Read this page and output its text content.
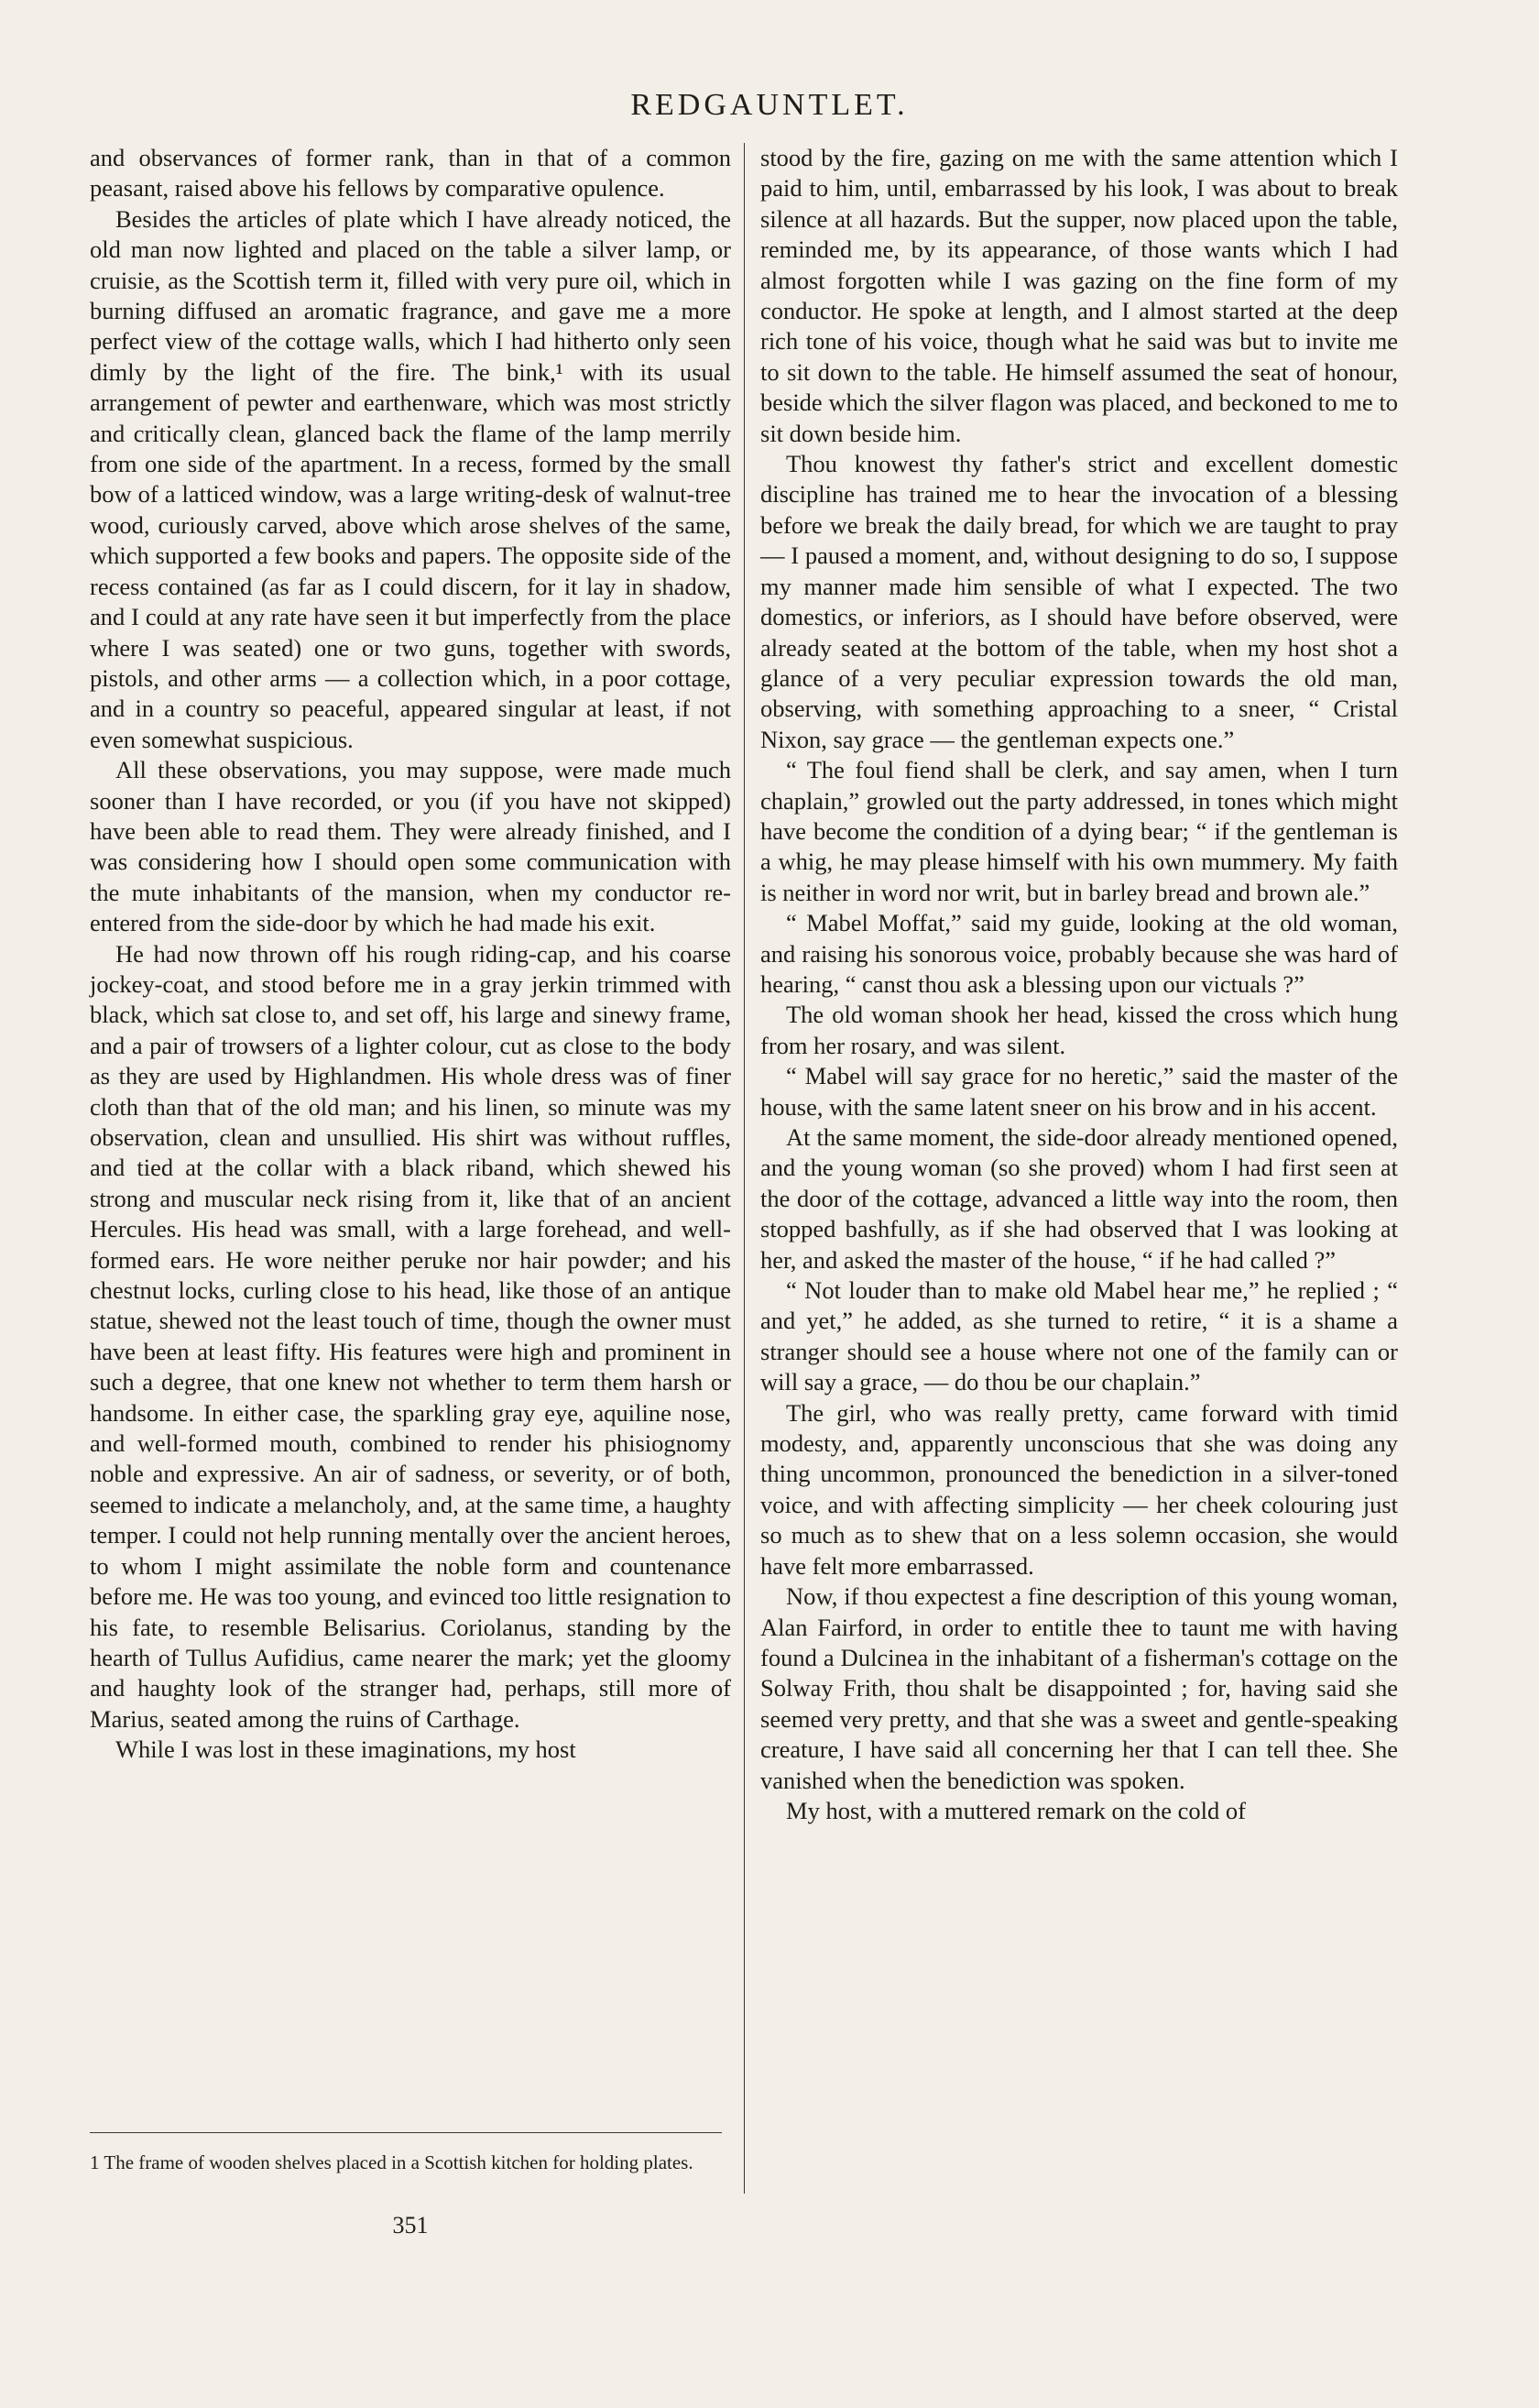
REDGAUNTLET.

and observances of former rank, than in that of a common peasant, raised above his fellows by comparative opulence.

Besides the articles of plate which I have already noticed, the old man now lighted and placed on the table a silver lamp, or cruisie, as the Scottish term it, filled with very pure oil, which in burning diffused an aromatic fragrance, and gave me a more perfect view of the cottage walls, which I had hitherto only seen dimly by the light of the fire. The bink,¹ with its usual arrangement of pewter and earthenware, which was most strictly and critically clean, glanced back the flame of the lamp merrily from one side of the apartment. In a recess, formed by the small bow of a latticed window, was a large writing-desk of walnut-tree wood, curiously carved, above which arose shelves of the same, which supported a few books and papers. The opposite side of the recess contained (as far as I could discern, for it lay in shadow, and I could at any rate have seen it but imperfectly from the place where I was seated) one or two guns, together with swords, pistols, and other arms — a collection which, in a poor cottage, and in a country so peaceful, appeared singular at least, if not even somewhat suspicious.

All these observations, you may suppose, were made much sooner than I have recorded, or you (if you have not skipped) have been able to read them. They were already finished, and I was considering how I should open some communication with the mute inhabitants of the mansion, when my conductor re-entered from the side-door by which he had made his exit.

He had now thrown off his rough riding-cap, and his coarse jockey-coat, and stood before me in a gray jerkin trimmed with black, which sat close to, and set off, his large and sinewy frame, and a pair of trowsers of a lighter colour, cut as close to the body as they are used by Highlandmen. His whole dress was of finer cloth than that of the old man; and his linen, so minute was my observation, clean and unsullied. His shirt was without ruffles, and tied at the collar with a black riband, which shewed his strong and muscular neck rising from it, like that of an ancient Hercules. His head was small, with a large forehead, and well-formed ears. He wore neither peruke nor hair powder; and his chestnut locks, curling close to his head, like those of an antique statue, shewed not the least touch of time, though the owner must have been at least fifty. His features were high and prominent in such a degree, that one knew not whether to term them harsh or handsome. In either case, the sparkling gray eye, aquiline nose, and well-formed mouth, combined to render his phisiognomy noble and expressive. An air of sadness, or severity, or of both, seemed to indicate a melancholy, and, at the same time, a haughty temper. I could not help running mentally over the ancient heroes, to whom I might assimilate the noble form and countenance before me. He was too young, and evinced too little resignation to his fate, to resemble Belisarius. Coriolanus, standing by the hearth of Tullus Aufidius, came nearer the mark; yet the gloomy and haughty look of the stranger had, perhaps, still more of Marius, seated among the ruins of Carthage.

While I was lost in these imaginations, my host

stood by the fire, gazing on me with the same attention which I paid to him, until, embarrassed by his look, I was about to break silence at all hazards. But the supper, now placed upon the table, reminded me, by its appearance, of those wants which I had almost forgotten while I was gazing on the fine form of my conductor. He spoke at length, and I almost started at the deep rich tone of his voice, though what he said was but to invite me to sit down to the table. He himself assumed the seat of honour, beside which the silver flagon was placed, and beckoned to me to sit down beside him.

Thou knowest thy father's strict and excellent domestic discipline has trained me to hear the invocation of a blessing before we break the daily bread, for which we are taught to pray — I paused a moment, and, without designing to do so, I suppose my manner made him sensible of what I expected. The two domestics, or inferiors, as I should have before observed, were already seated at the bottom of the table, when my host shot a glance of a very peculiar expression towards the old man, observing, with something approaching to a sneer, “ Cristal Nixon, say grace — the gentleman expects one.”

“ The foul fiend shall be clerk, and say amen, when I turn chaplain,” growled out the party addressed, in tones which might have become the condition of a dying bear; “ if the gentleman is a whig, he may please himself with his own mummery. My faith is neither in word nor writ, but in barley bread and brown ale.”

“ Mabel Moffat,” said my guide, looking at the old woman, and raising his sonorous voice, probably because she was hard of hearing, “ canst thou ask a blessing upon our victuals ?”

The old woman shook her head, kissed the cross which hung from her rosary, and was silent.

“ Mabel will say grace for no heretic,” said the master of the house, with the same latent sneer on his brow and in his accent.

At the same moment, the side-door already mentioned opened, and the young woman (so she proved) whom I had first seen at the door of the cottage, advanced a little way into the room, then stopped bashfully, as if she had observed that I was looking at her, and asked the master of the house, “ if he had called ?”

“ Not louder than to make old Mabel hear me,” he replied ; “ and yet,” he added, as she turned to retire, “ it is a shame a stranger should see a house where not one of the family can or will say a grace, — do thou be our chaplain.”

The girl, who was really pretty, came forward with timid modesty, and, apparently unconscious that she was doing any thing uncommon, pronounced the benediction in a silver-toned voice, and with affecting simplicity — her cheek colouring just so much as to shew that on a less solemn occasion, she would have felt more embarrassed.

Now, if thou expectest a fine description of this young woman, Alan Fairford, in order to entitle thee to taunt me with having found a Dulcinea in the inhabitant of a fisherman's cottage on the Solway Frith, thou shalt be disappointed ; for, having said she seemed very pretty, and that she was a sweet and gentle-speaking creature, I have said all concerning her that I can tell thee. She vanished when the benediction was spoken.

My host, with a muttered remark on the cold of

1 The frame of wooden shelves placed in a Scottish kitchen for holding plates.
351
